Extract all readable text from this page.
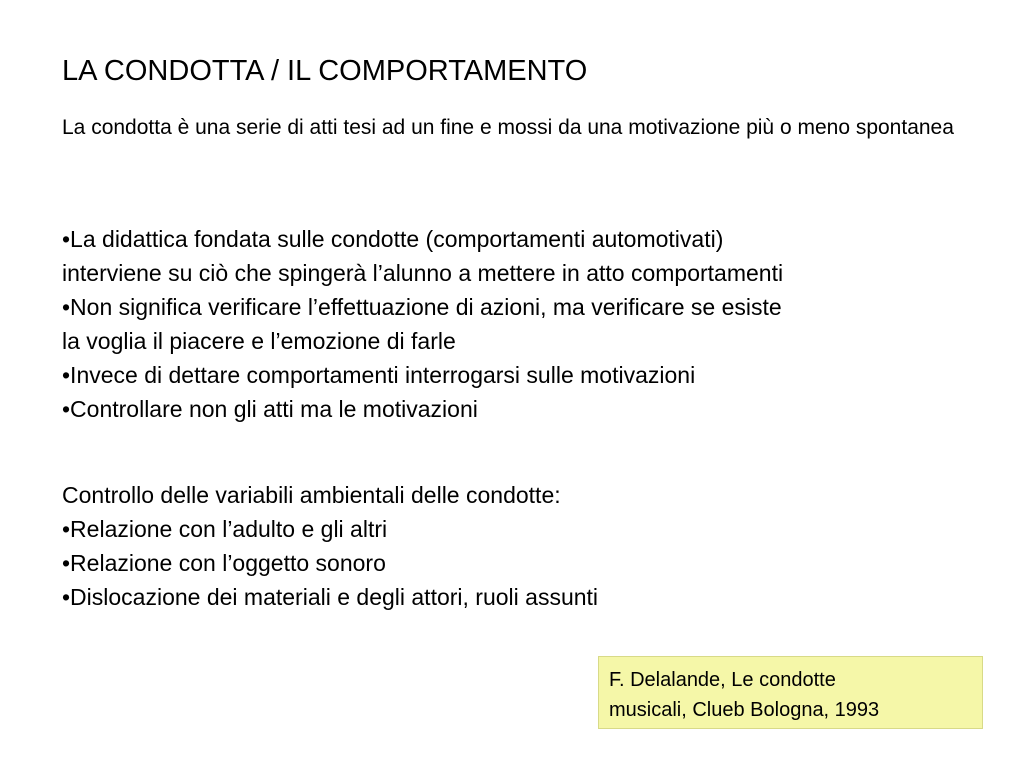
LA CONDOTTA / IL COMPORTAMENTO
La condotta è una serie di atti tesi ad un fine e mossi da una motivazione più o meno spontanea
•La didattica fondata sulle condotte (comportamenti automotivati)
interviene su ciò che spingerà l’alunno a mettere in atto comportamenti
•Non significa verificare l’effettuazione di azioni, ma verificare se esiste
la voglia il piacere e l’emozione di farle
•Invece di dettare comportamenti interrogarsi sulle motivazioni
•Controllare non gli atti ma le motivazioni
Controllo delle variabili ambientali delle condotte:
•Relazione con l’adulto e gli altri
•Relazione con l’oggetto sonoro
•Dislocazione dei materiali e degli attori, ruoli assunti
F. Delalande, Le condotte
musicali, Clueb Bologna, 1993
